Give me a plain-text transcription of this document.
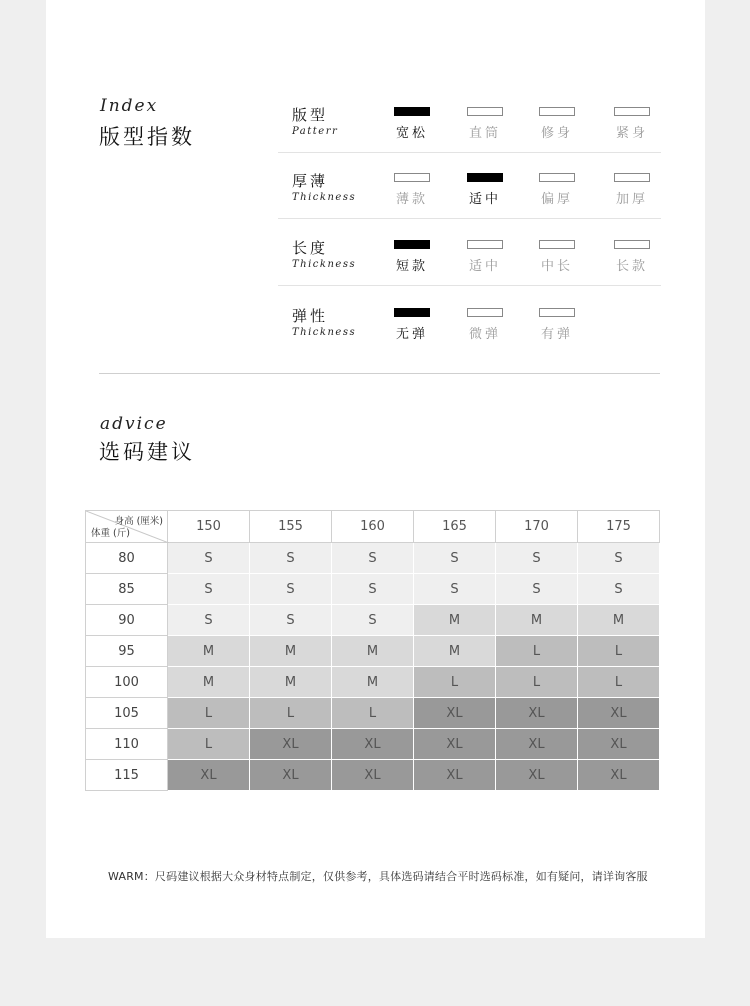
Index
版型指数
版型
Patterr	宽松	直筒	修身	紧身
厚薄
Thickness	薄款	适中	偏厚	加厚
长度
Thickness	短款	适中	中长	长款
弹性
Thickness	无弹	微弹	有弹
advice
选码建议
身高 (厘米)
体重 (斤)	150	155	160	165	170	175
80	S	S	S	S	S	S
85	S	S	S	S	S	S
90	S	S	S	M	M	M
95	M	M	M	M	L	L
100	M	M	M	L	L	L
105	L	L	L	XL	XL	XL
110	L	XL	XL	XL	XL	XL
115	XL	XL	XL	XL	XL	XL
WARM：尺码建议根据大众身材特点制定，仅供参考，具体选码请结合平时选码标准，如有疑问，请详询客服
